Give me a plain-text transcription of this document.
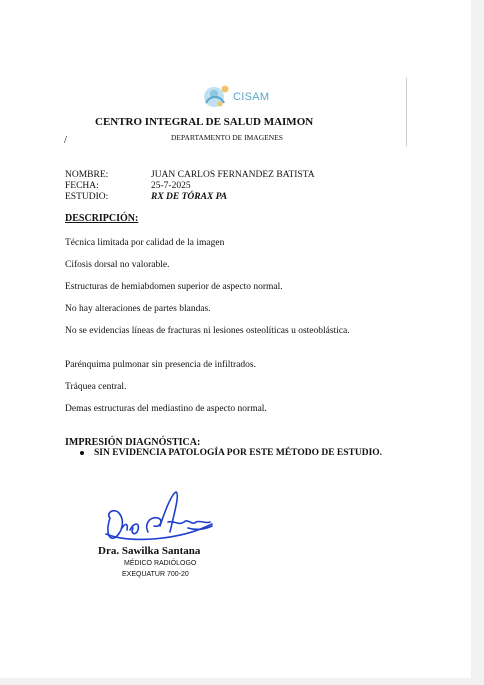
CISAM
CENTRO INTEGRAL DE SALUD MAIMON
/	DEPARTAMENTO DE IMAGENES
NOMBRE:	JUAN CARLOS FERNANDEZ BATISTA
FECHA:	25-7-2025
ESTUDIO:	RX DE TÓRAX PA
DESCRIPCIÓN:
Técnica limitada por calidad de la imagen
Cifosis dorsal no valorable.
Estructuras de hemiabdomen superior de aspecto normal.
No hay alteraciones de partes blandas.
No se evidencias líneas de fracturas ni lesiones osteolíticas u osteoblástica.
Parénquima pulmonar sin presencia de infiltrados.
Tráquea central.
Demas estructuras del mediastino de aspecto normal.
IMPRESIÓN DIAGNÓSTICA:
SIN EVIDENCIA PATOLOGÍA POR ESTE MÉTODO DE ESTUDIO.
Dra. Sawilka Santana
MÉDICO RADIÓLOGO
EXEQUATUR 700-20
